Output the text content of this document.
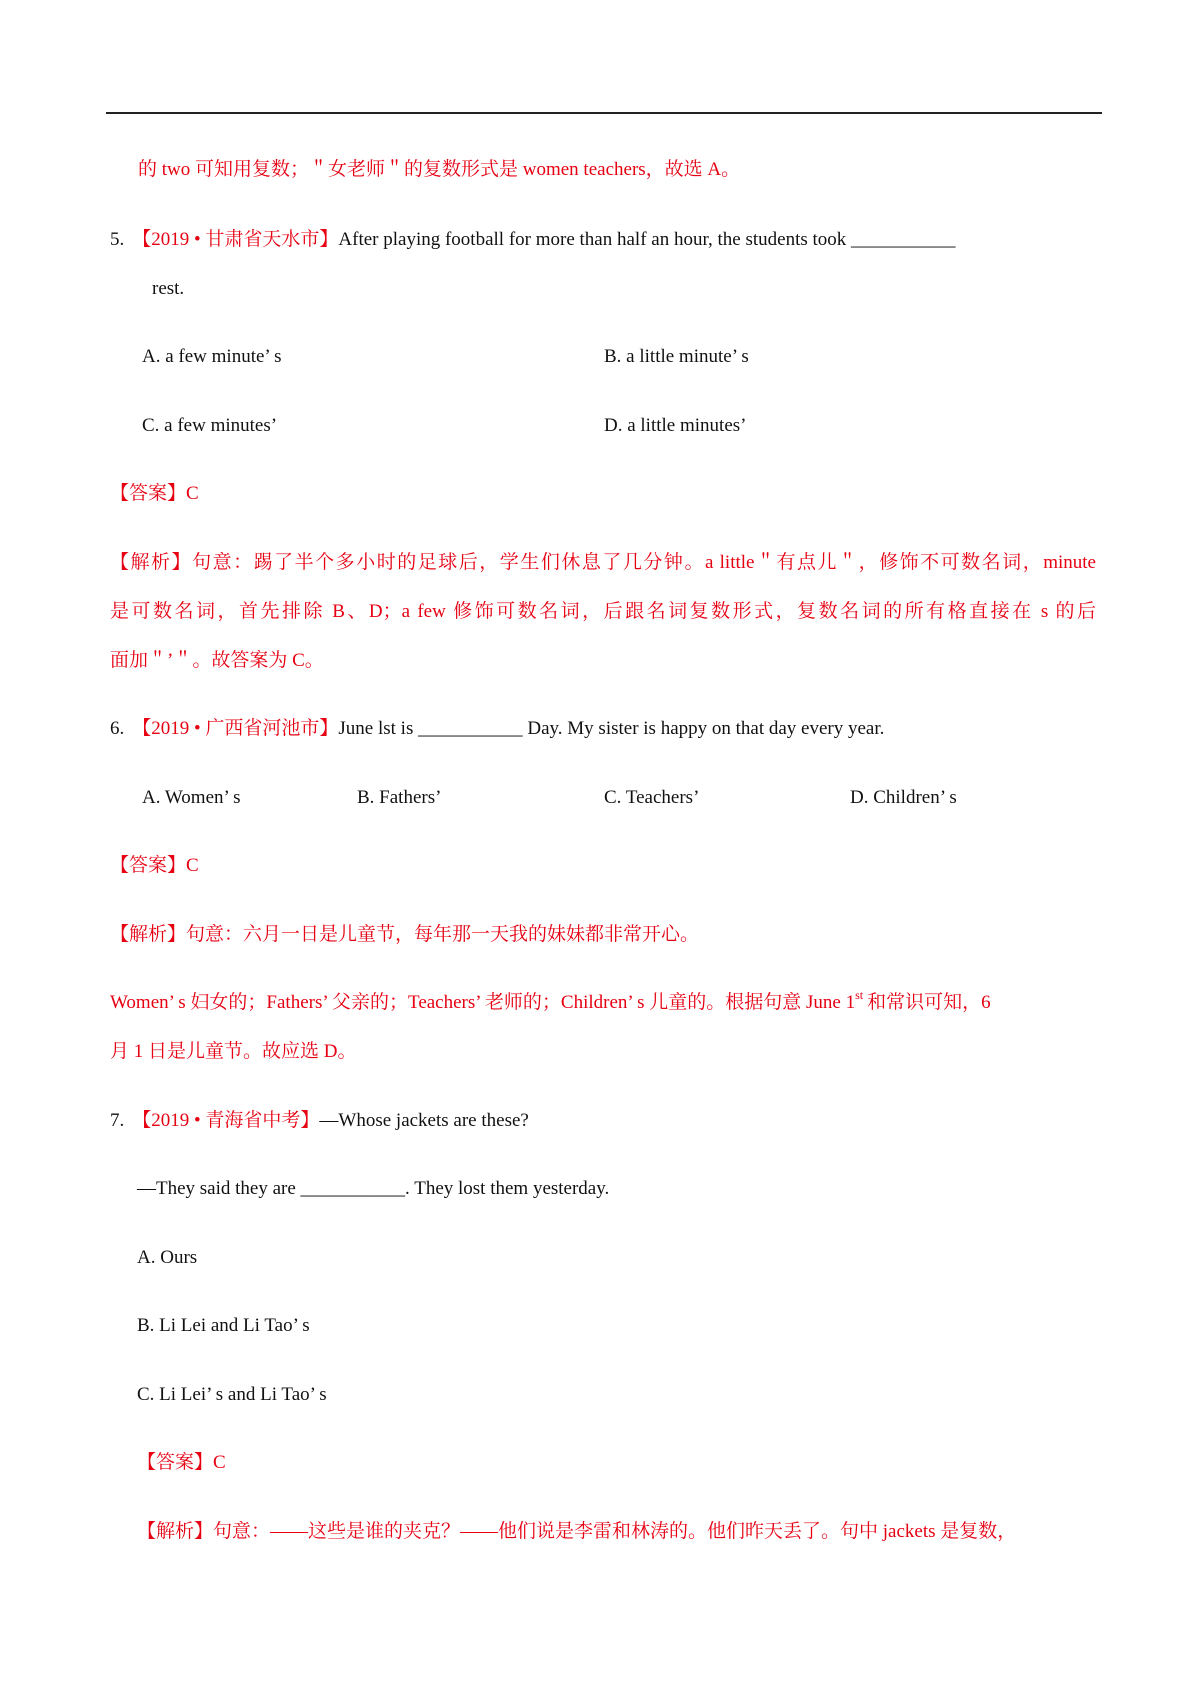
的 two 可知用复数；＂女老师＂的复数形式是 women teachers，故选 A。
5. 【2019 • 甘肃省天水市】After playing football for more than half an hour, the students took ___________
rest.
A. a few minute’ s	B. a little minute’ s
C. a few minutes’	D. a little minutes’
【答案】C
【解析】句意：踢了半个多小时的足球后，学生们休息了几分钟。a little＂有点儿＂，修饰不可数名词，minute
是可数名词，首先排除 B、D；a few 修饰可数名词，后跟名词复数形式，复数名词的所有格直接在 s 的后
面加＂’＂。故答案为 C。
6. 【2019 • 广西省河池市】June lst is ___________ Day. My sister is happy on that day every year.
A. Women’ s	B. Fathers’	C. Teachers’	D. Children’ s
【答案】C
【解析】句意：六月一日是儿童节，每年那一天我的妹妹都非常开心。
Women’ s 妇女的；Fathers’ 父亲的；Teachers’ 老师的；Children’ s 儿童的。根据句意 June 1st 和常识可知，6
月 1 日是儿童节。故应选 D。
7. 【2019 • 青海省中考】—Whose jackets are these?
—They said they are ___________. They lost them yesterday.
A. Ours
B. Li Lei and Li Tao’ s
C. Li Lei’ s and Li Tao’ s
【答案】C
【解析】句意：——这些是谁的夹克？——他们说是李雷和林涛的。他们昨天丢了。句中 jackets 是复数，
